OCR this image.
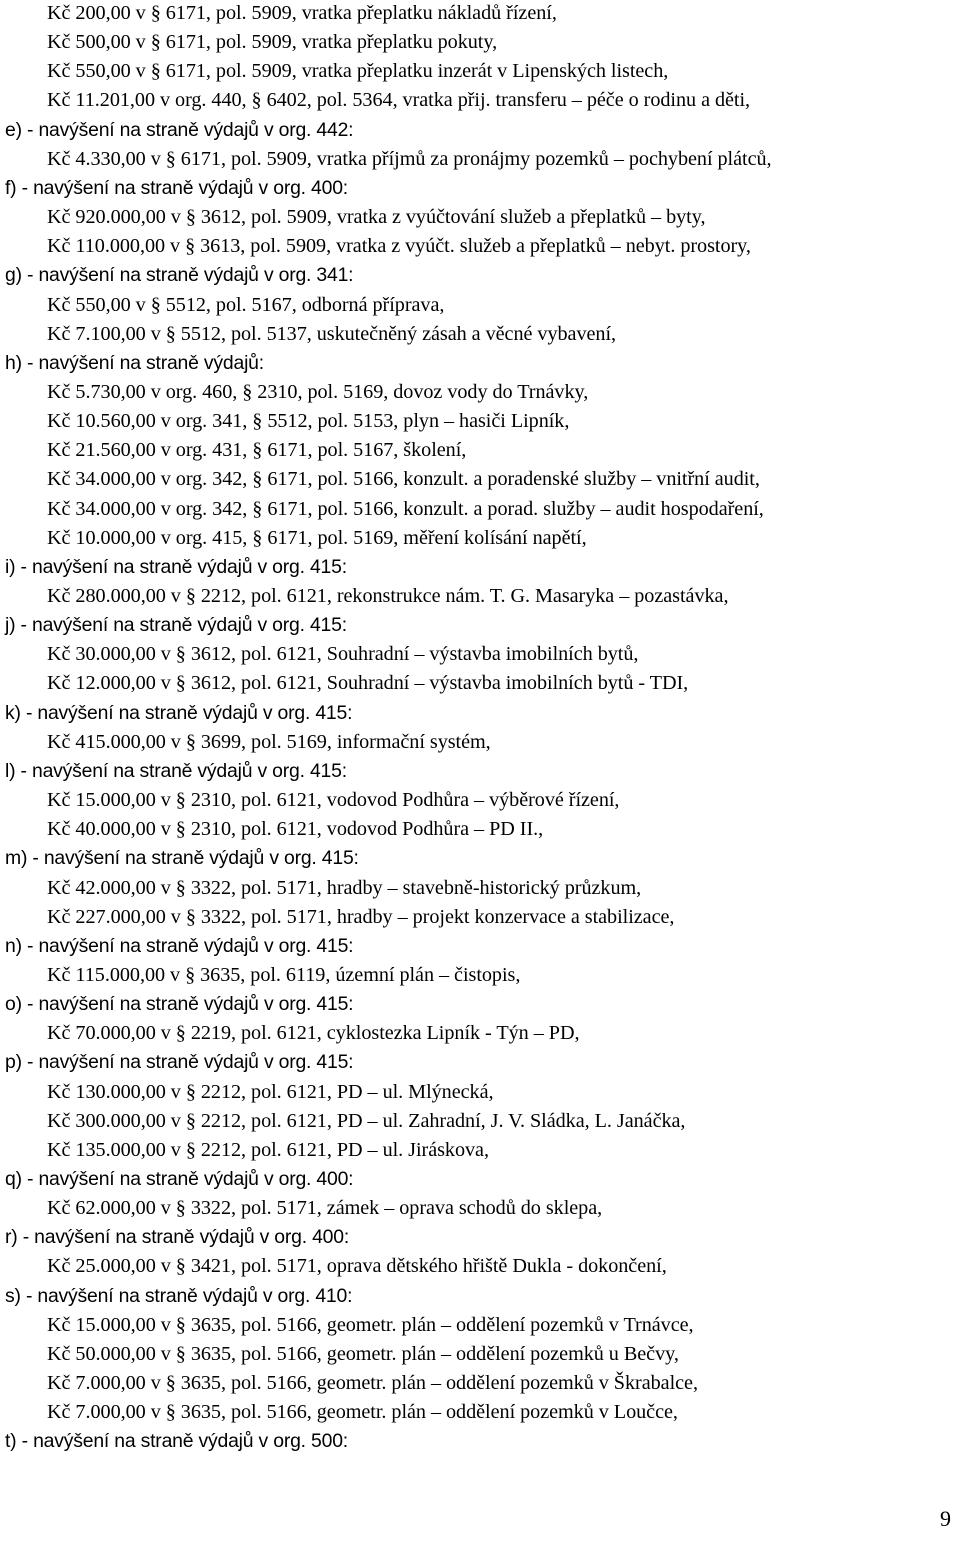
Kč 200,00 v § 6171, pol. 5909, vratka přeplatku nákladů řízení,
Kč 500,00 v § 6171, pol. 5909, vratka přeplatku pokuty,
Kč 550,00 v § 6171, pol. 5909, vratka přeplatku inzerát v Lipenských listech,
Kč 11.201,00 v org. 440, § 6402, pol. 5364, vratka přij. transferu – péče o rodinu a děti,
e) - navýšení na straně výdajů v org. 442:
Kč 4.330,00 v § 6171, pol. 5909, vratka příjmů za pronájmy pozemků – pochybení plátců,
f) - navýšení na straně výdajů v org. 400:
Kč 920.000,00 v § 3612, pol. 5909, vratka z vyúčtování služeb a přeplatků – byty,
Kč 110.000,00 v § 3613, pol. 5909, vratka z vyúčt. služeb a přeplatků – nebyt. prostory,
g) - navýšení na straně výdajů v org. 341:
Kč 550,00 v § 5512, pol. 5167, odborná příprava,
Kč 7.100,00 v § 5512, pol. 5137, uskutečněný zásah a věcné vybavení,
h) - navýšení na straně výdajů:
Kč 5.730,00 v org. 460, § 2310, pol. 5169, dovoz vody do Trnávky,
Kč 10.560,00 v org. 341, § 5512, pol. 5153, plyn – hasiči Lipník,
Kč 21.560,00 v org. 431, § 6171, pol. 5167, školení,
Kč 34.000,00 v org. 342, § 6171, pol. 5166, konzult. a poradenské služby – vnitřní audit,
Kč 34.000,00 v org. 342, § 6171, pol. 5166, konzult. a porad. služby – audit hospodaření,
Kč 10.000,00 v org. 415, § 6171, pol. 5169, měření kolísání napětí,
i) - navýšení na straně výdajů v org. 415:
Kč 280.000,00 v § 2212, pol. 6121, rekonstrukce nám. T. G. Masaryka – pozastávka,
j) - navýšení na straně výdajů v org. 415:
Kč 30.000,00 v § 3612, pol. 6121, Souhradní – výstavba imobilních bytů,
Kč 12.000,00 v § 3612, pol. 6121, Souhradní – výstavba imobilních bytů - TDI,
k) - navýšení na straně výdajů v org. 415:
Kč 415.000,00 v § 3699, pol. 5169, informační systém,
l) - navýšení na straně výdajů v org. 415:
Kč 15.000,00 v § 2310, pol. 6121, vodovod Podhůra – výběrové řízení,
Kč 40.000,00 v § 2310, pol. 6121, vodovod Podhůra – PD II.,
m) - navýšení na straně výdajů v org. 415:
Kč 42.000,00 v § 3322, pol. 5171, hradby – stavebně-historický průzkum,
Kč 227.000,00 v § 3322, pol. 5171, hradby – projekt konzervace a stabilizace,
n) - navýšení na straně výdajů v org. 415:
Kč 115.000,00 v § 3635, pol. 6119, územní plán – čistopis,
o) - navýšení na straně výdajů v org. 415:
Kč 70.000,00 v § 2219, pol. 6121, cyklostezka Lipník - Týn – PD,
p) - navýšení na straně výdajů v org. 415:
Kč 130.000,00 v § 2212, pol. 6121, PD – ul. Mlýnecká,
Kč 300.000,00 v § 2212, pol. 6121, PD – ul. Zahradní, J. V. Sládka, L. Janáčka,
Kč 135.000,00 v § 2212, pol. 6121, PD – ul. Jiráskova,
q) - navýšení na straně výdajů v org. 400:
Kč 62.000,00 v § 3322, pol. 5171, zámek – oprava schodů do sklepa,
r) - navýšení na straně výdajů v org. 400:
Kč 25.000,00 v § 3421, pol. 5171, oprava dětského hřiště Dukla - dokončení,
s) - navýšení na straně výdajů v org. 410:
Kč 15.000,00 v § 3635, pol. 5166, geometr. plán – oddělení pozemků v Trnávce,
Kč 50.000,00 v § 3635, pol. 5166, geometr. plán – oddělení pozemků u Bečvy,
Kč 7.000,00 v § 3635, pol. 5166, geometr. plán – oddělení pozemků v Škrabalce,
Kč 7.000,00 v § 3635, pol. 5166, geometr. plán – oddělení pozemků v Loučce,
t) - navýšení na straně výdajů v org. 500:
9
